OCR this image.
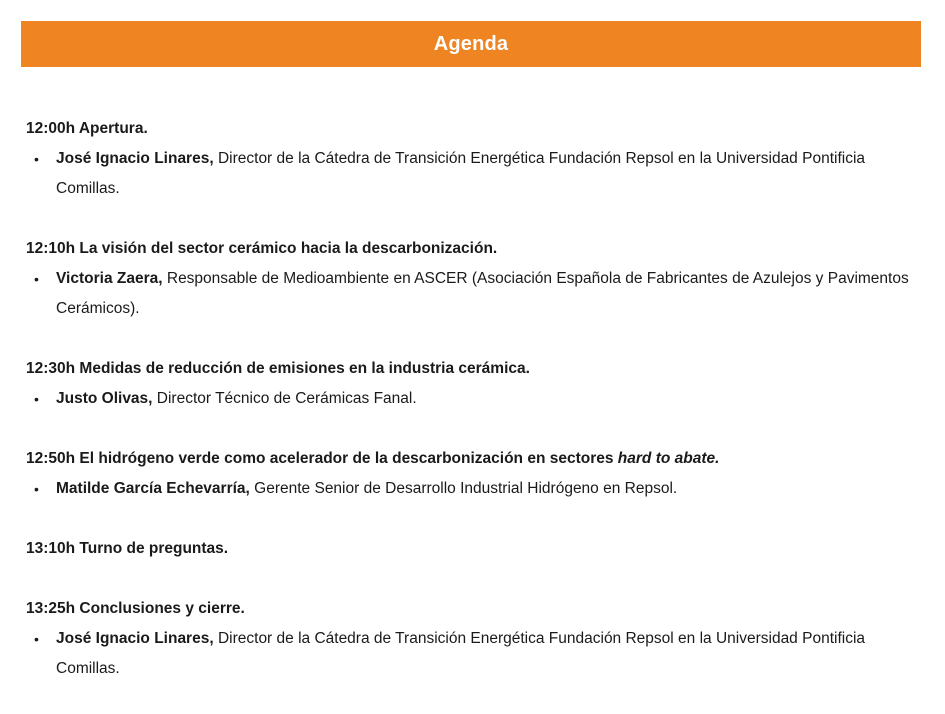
Agenda
12:00h Apertura.
• José Ignacio Linares, Director de la Cátedra de Transición Energética Fundación Repsol en la Universidad Pontificia Comillas.
12:10h La visión del sector cerámico hacia la descarbonización.
• Victoria Zaera, Responsable de Medioambiente en ASCER (Asociación Española de Fabricantes de Azulejos y Pavimentos Cerámicos).
12:30h Medidas de reducción de emisiones en la industria cerámica.
• Justo Olivas, Director Técnico de Cerámicas Fanal.
12:50h El hidrógeno verde como acelerador de la descarbonización en sectores hard to abate.
• Matilde García Echevarría, Gerente Senior de Desarrollo Industrial Hidrógeno en Repsol.
13:10h Turno de preguntas.
13:25h Conclusiones y cierre.
• José Ignacio Linares, Director de la Cátedra de Transición Energética Fundación Repsol en la Universidad Pontificia Comillas.
